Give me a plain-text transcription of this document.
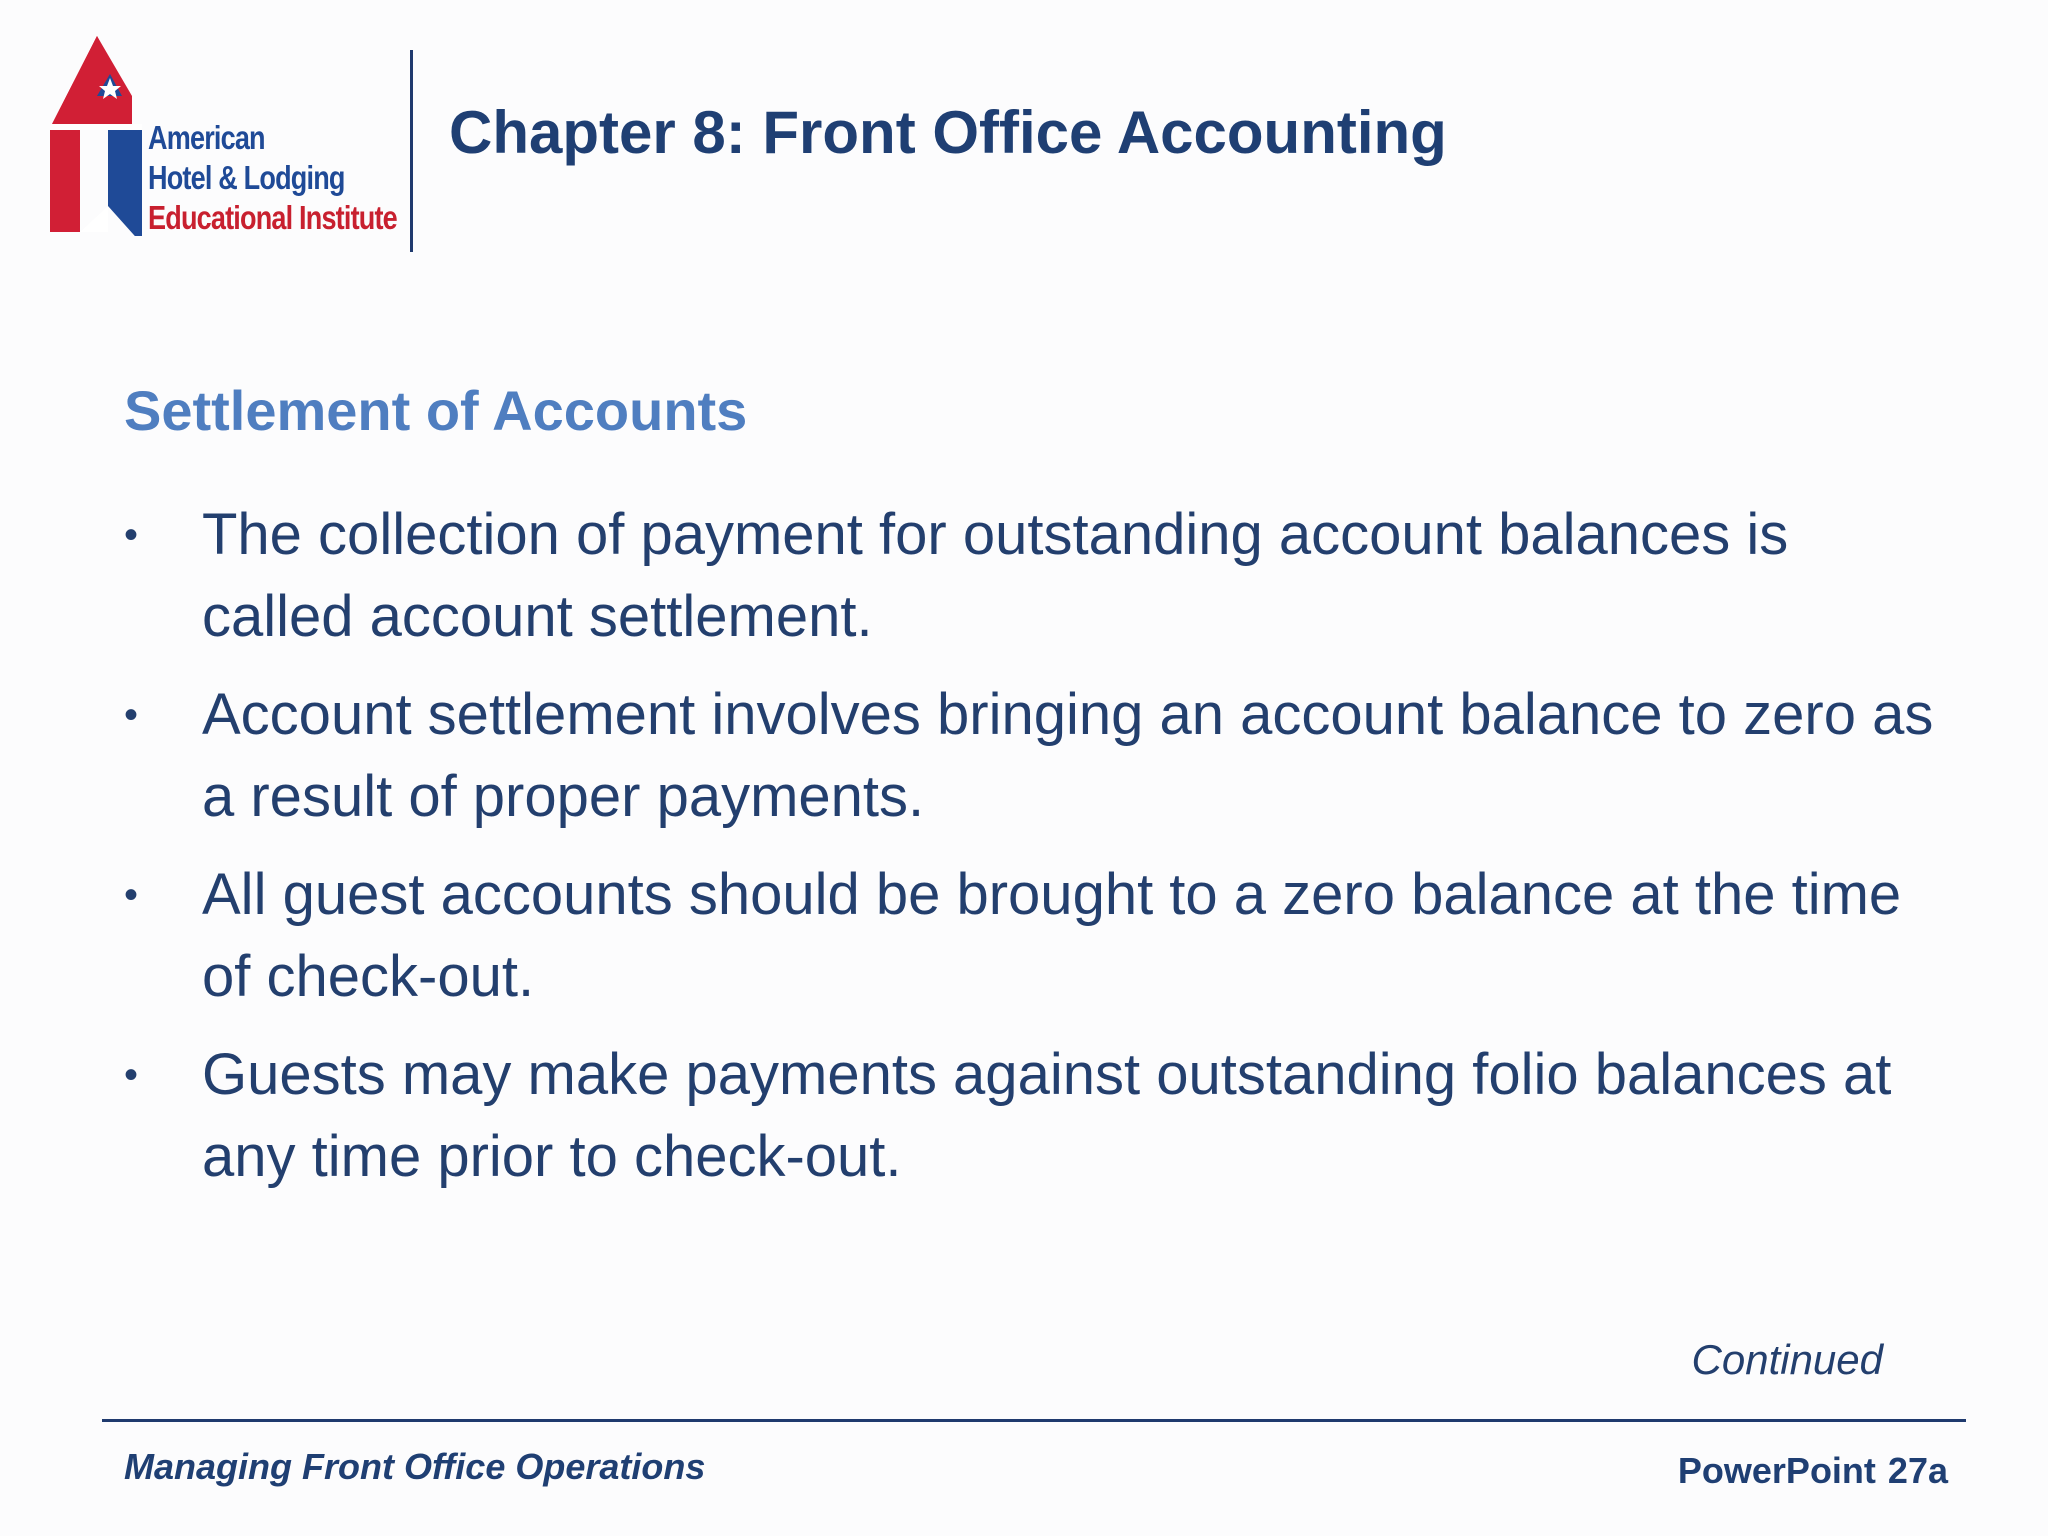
American
Hotel & Lodging
Educational Institute
Chapter 8: Front Office Accounting
Settlement of Accounts
• The collection of payment for outstanding account balances is called account settlement.
• Account settlement involves bringing an account balance to zero as a result of proper payments.
• All guest accounts should be brought to a zero balance at the time of check-out.
• Guests may make payments against outstanding folio balances at any time prior to check-out.
Continued
Managing Front Office Operations	PowerPoint 27a
